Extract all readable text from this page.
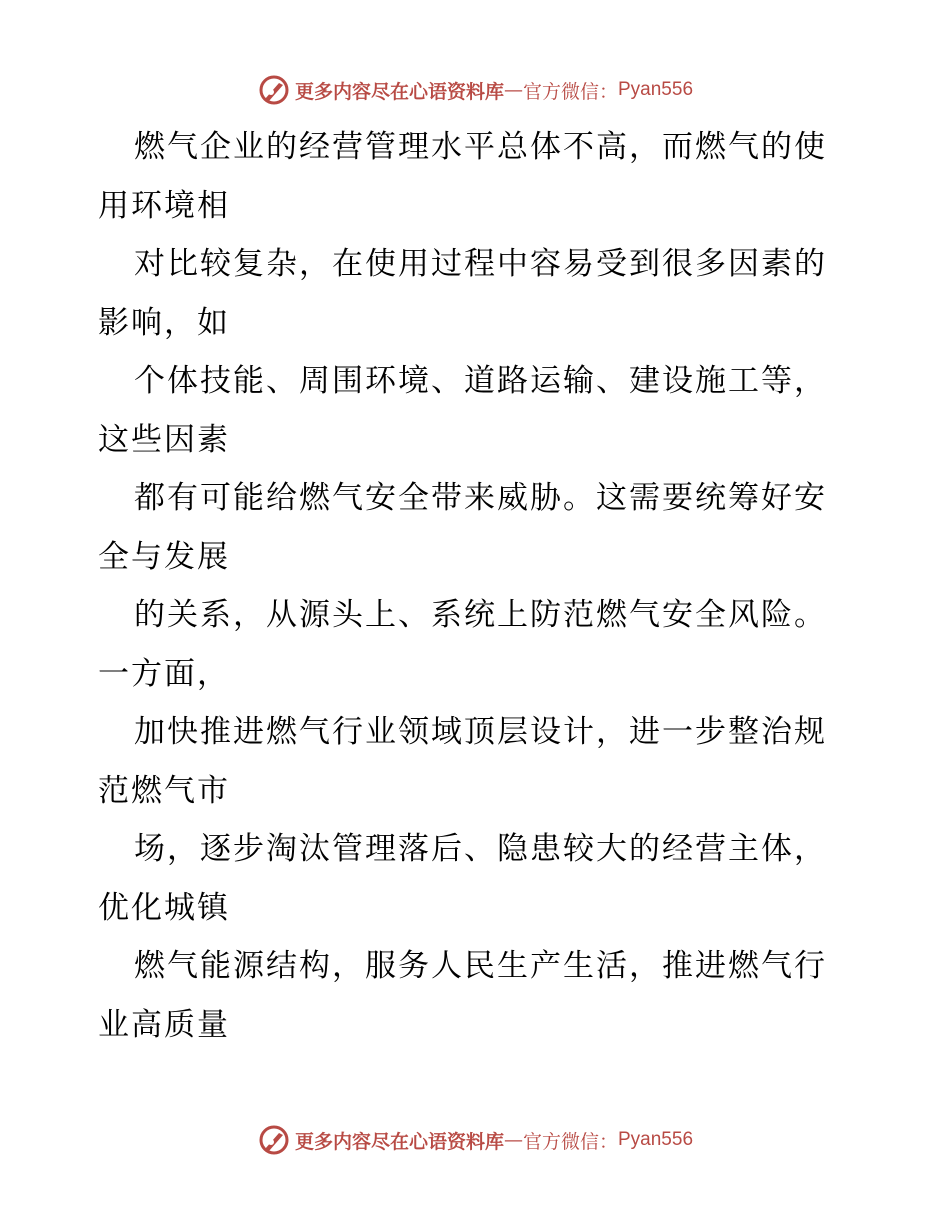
更多内容尽在心语资料库 — 官方微信： Pyan556
燃气企业的经营管理水平总体不高，而燃气的使
用环境相
对比较复杂，在使用过程中容易受到很多因素的
影响，如
个体技能、周围环境、道路运输、建设施工等，
这些因素
都有可能给燃气安全带来威胁。这需要统筹好安
全与发展
的关系，从源头上、系统上防范燃气安全风险。
一方面，
加快推进燃气行业领域顶层设计，进一步整治规
范燃气市
场，逐步淘汰管理落后、隐患较大的经营主体，
优化城镇
燃气能源结构，服务人民生产生活，推进燃气行
业高质量
更多内容尽在心语资料库 — 官方微信： Pyan556
